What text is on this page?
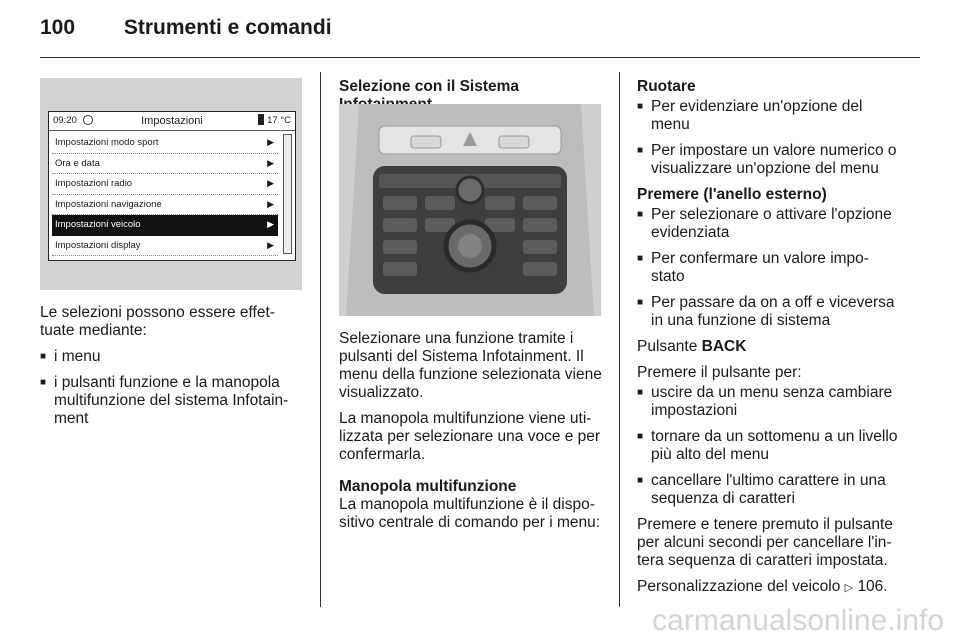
100 Strumenti e comandi
09:20	Impostazioni	17 °C
Impostazioni modo sport	▶
Ora e data	▶
Impostazioni radio	▶
Impostazioni navigazione	▶
Impostazioni veicolo	▶
Impostazioni display	▶

Le selezioni possono essere effet-tuate mediante:

■ i menu
■ i pulsanti funzione e la manopola multifunzione del sistema Infotain-ment
Selezione con il Sistema

Selezionare una funzione tramite i pulsanti del Sistema Infotainment. Il menu della funzione selezionata viene visualizzato.

La manopola multifunzione viene uti-lizzata per selezionare una voce e per confermarla.

Manopola multifunzione

La manopola multifunzione è il dispo-sitivo centrale di comando per i menu:

Ruotare
■ Per evidenziare un'opzione del menu
■ Per impostare un valore numerico o visualizzare un'opzione del menu
Premere (l'anello esterno)
■ Per selezionare o attivare l'opzione evidenziata
■ Per confermare un valore impo-stato
■ Per passare da on a off e viceversa in una funzione di sistema

Pulsante BACK

Premere il pulsante per:

■ uscire da un menu senza cambiare impostazioni
■ tornare da un sottomenu a un livello più alto del menu
■ cancellare l'ultimo carattere in una sequenza di caratteri

Premere e tenere premuto il pulsante per alcuni secondi per cancellare l'in-tera sequenza di caratteri impostata.

Personalizzazione del veicolo ▷ 106.

carmanualsonline.info
